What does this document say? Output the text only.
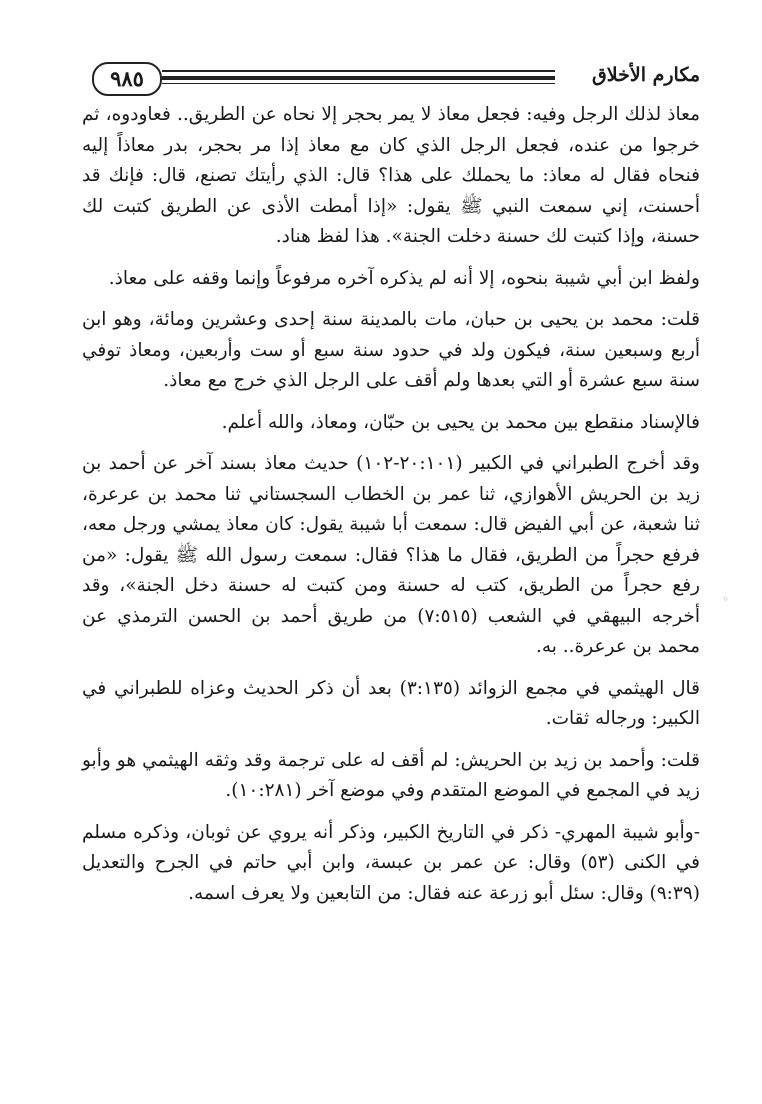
٩٨٥	مكارم الأخلاق

معاذ لذلك الرجل وفيه: فجعل معاذ لا يمر بحجر إلا نحاه عن الطريق.. فعاودوه، ثم خرجوا من عنده، فجعل الرجل الذي كان مع معاذ إذا مر بحجر، بدر معاذاً إليه فنحاه فقال له معاذ: ما يحملك على هذا؟ قال: الذي رأيتك تصنع، قال: فإنك قد أحسنت، إني سمعت النبي ﷺ يقول: «إذا أمطت الأذى عن الطريق كتبت لك حسنة، وإذا كتبت لك حسنة دخلت الجنة». هذا لفظ هناد.

ولفظ ابن أبي شيبة بنحوه، إلا أنه لم يذكره آخره مرفوعاً وإنما وقفه على معاذ.

قلت: محمد بن يحيى بن حبان، مات بالمدينة سنة إحدى وعشرين ومائة، وهو ابن أربع وسبعين سنة، فيكون ولد في حدود سنة سبع أو ست وأربعين، ومعاذ توفي سنة سبع عشرة أو التي بعدها ولم أقف على الرجل الذي خرج مع معاذ.

فالإسناد منقطع بين محمد بن يحيى بن حبّان، ومعاذ، والله أعلم.

وقد أخرج الطبراني في الكبير (٢٠:١٠١-١٠٢) حديث معاذ بسند آخر عن أحمد بن زيد بن الحريش الأهوازي، ثنا عمر بن الخطاب السجستاني ثنا محمد بن عرعرة، ثنا شعبة، عن أبي الفيض قال: سمعت أبا شيبة يقول: كان معاذ يمشي ورجل معه، فرفع حجراً من الطريق، فقال ما هذا؟ فقال: سمعت رسول الله ﷺ يقول: «من رفع حجراً من الطريق، كتب له حسنة ومن كتبت له حسنة دخل الجنة»، وقد أخرجه البيهقي في الشعب (٧:٥١٥) من طريق أحمد بن الحسن الترمذي عن محمد بن عرعرة.. به.

قال الهيثمي في مجمع الزوائد (٣:١٣٥) بعد أن ذكر الحديث وعزاه للطبراني في الكبير: ورجاله ثقات.

قلت: وأحمد بن زيد بن الحريش: لم أقف له على ترجمة وقد وثقه الهيثمي هو وأبو زيد في المجمع في الموضع المتقدم وفي موضع آخر (١٠:٢٨١).

-وأبو شيبة المهري- ذكر في التاريخ الكبير، وذكر أنه يروي عن ثوبان، وذكره مسلم في الكنى (٥٣) وقال: عن عمر بن عبسة، وابن أبي حاتم في الجرح والتعديل (٩:٣٩) وقال: سئل أبو زرعة عنه فقال: من التابعين ولا يعرف اسمه.

◦
